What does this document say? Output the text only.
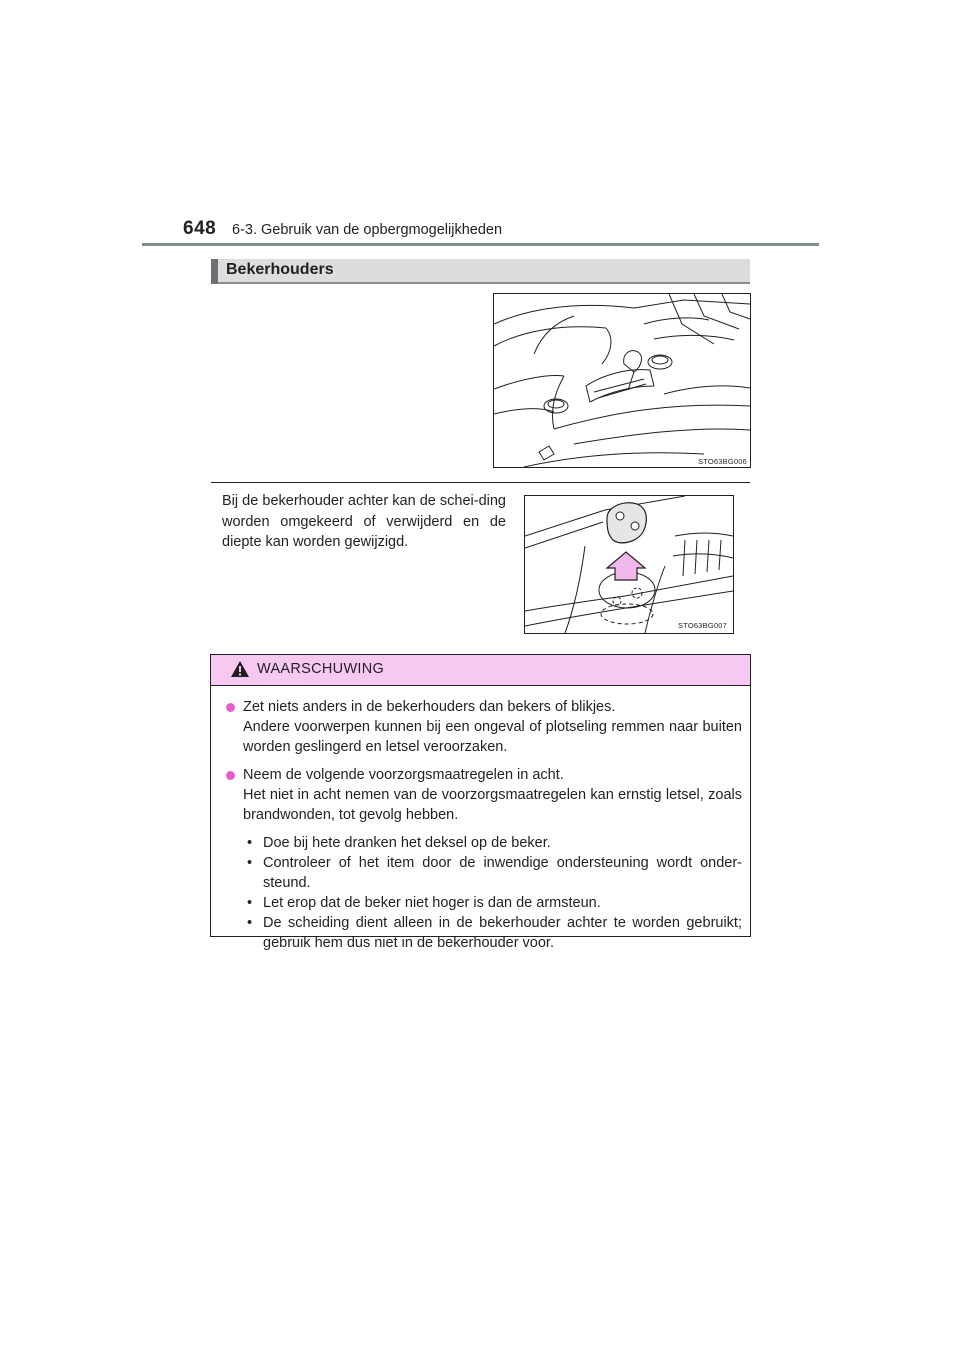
648 6-3. Gebruik van de opbergmogelijkheden
Bekerhouders
STO63BG006
Bij de bekerhouder achter kan de schei-ding worden omgekeerd of verwijderd en de diepte kan worden gewijzigd.
STO63BG007
WAARSCHUWING

Zet niets anders in de bekerhouders dan bekers of blikjes.

Andere voorwerpen kunnen bij een ongeval of plotseling remmen naar buiten worden geslingerd en letsel veroorzaken.

Neem de volgende voorzorgsmaatregelen in acht.

Het niet in acht nemen van de voorzorgsmaatregelen kan ernstig letsel, zoals brandwonden, tot gevolg hebben.

• Doe bij hete dranken het deksel op de beker.
• Controleer of het item door de inwendige ondersteuning wordt onder-steund.
• Let erop dat de beker niet hoger is dan de armsteun.
• De scheiding dient alleen in de bekerhouder achter te worden gebruikt; gebruik hem dus niet in de bekerhouder voor.
